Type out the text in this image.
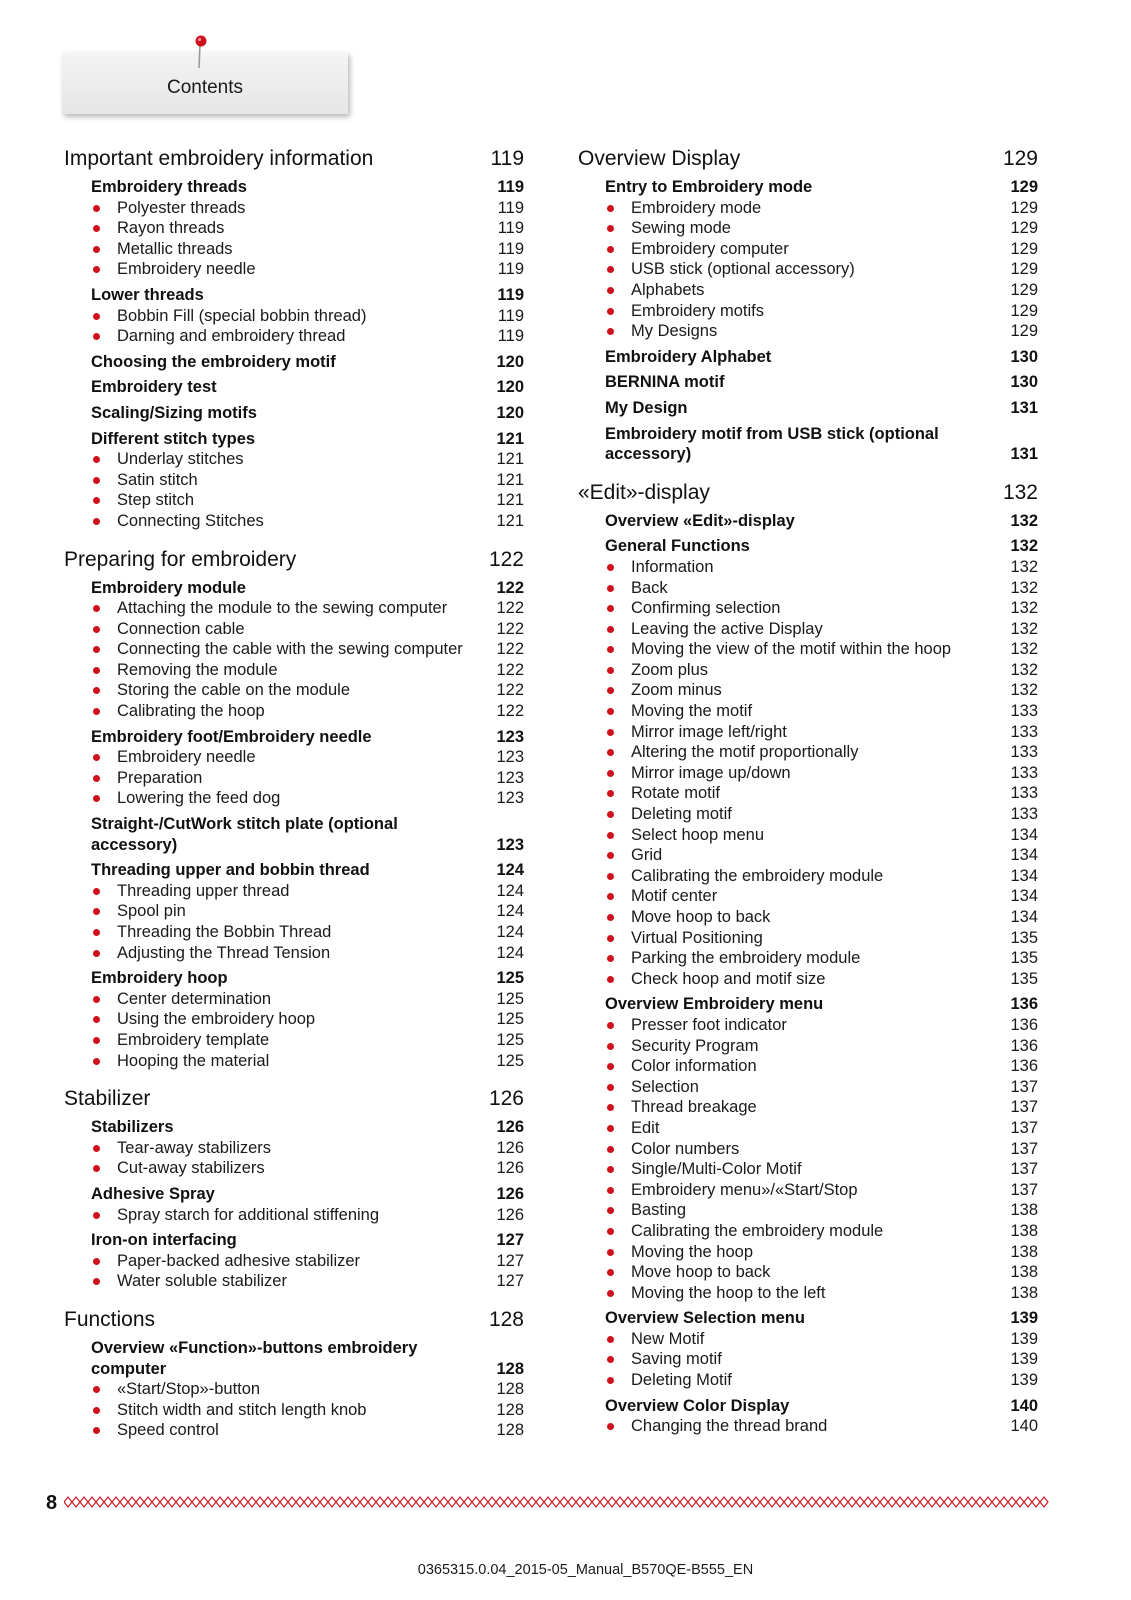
Contents
Important embroidery information	119
Embroidery threads	119
Polyester threads	119
Rayon threads	119
Metallic threads	119
Embroidery needle	119
Lower threads	119
Bobbin Fill (special bobbin thread)	119
Darning and embroidery thread	119
Choosing the embroidery motif	120
Embroidery test	120
Scaling/Sizing motifs	120
Different stitch types	121
Underlay stitches	121
Satin stitch	121
Step stitch	121
Connecting Stitches	121
Preparing for embroidery	122
Embroidery module	122
Attaching the module to the sewing computer	122
Connection cable	122
Connecting the cable with the sewing computer	122
Removing the module	122
Storing the cable on the module	122
Calibrating the hoop	122
Embroidery foot/Embroidery needle	123
Embroidery needle	123
Preparation	123
Lowering the feed dog	123
Straight-/CutWork stitch plate (optional accessory)	123
Threading upper and bobbin thread	124
Threading upper thread	124
Spool pin	124
Threading the Bobbin Thread	124
Adjusting the Thread Tension	124
Embroidery hoop	125
Center determination	125
Using the embroidery hoop	125
Embroidery template	125
Hooping the material	125
Stabilizer	126
Stabilizers	126
Tear-away stabilizers	126
Cut-away stabilizers	126
Adhesive Spray	126
Spray starch for additional stiffening	126
Iron-on interfacing	127
Paper-backed adhesive stabilizer	127
Water soluble stabilizer	127
Functions	128
Overview «Function»-buttons embroidery computer	128
«Start/Stop»-button	128
Stitch width and stitch length knob	128
Speed control	128
Overview Display	129
Entry to Embroidery mode	129
Embroidery mode	129
Sewing mode	129
Embroidery computer	129
USB stick (optional accessory)	129
Alphabets	129
Embroidery motifs	129
My Designs	129
Embroidery Alphabet	130
BERNINA motif	130
My Design	131
Embroidery motif from USB stick (optional accessory)	131
«Edit»-display	132
Overview «Edit»-display	132
General Functions	132
Information	132
Back	132
Confirming selection	132
Leaving the active Display	132
Moving the view of the motif within the hoop	132
Zoom plus	132
Zoom minus	132
Moving the motif	133
Mirror image left/right	133
Altering the motif proportionally	133
Mirror image up/down	133
Rotate motif	133
Deleting motif	133
Select hoop menu	134
Grid	134
Calibrating the embroidery module	134
Motif center	134
Move hoop to back	134
Virtual Positioning	135
Parking the embroidery module	135
Check hoop and motif size	135
Overview Embroidery menu	136
Presser foot indicator	136
Security Program	136
Color information	136
Selection	137
Thread breakage	137
Edit	137
Color numbers	137
Single/Multi-Color Motif	137
Embroidery menu»/«Start/Stop	137
Basting	138
Calibrating the embroidery module	138
Moving the hoop	138
Move hoop to back	138
Moving the hoop to the left	138
Overview Selection menu	139
New Motif	139
Saving motif	139
Deleting Motif	139
Overview Color Display	140
Changing the thread brand	140
8
0365315.0.04_2015-05_Manual_B570QE-B555_EN
